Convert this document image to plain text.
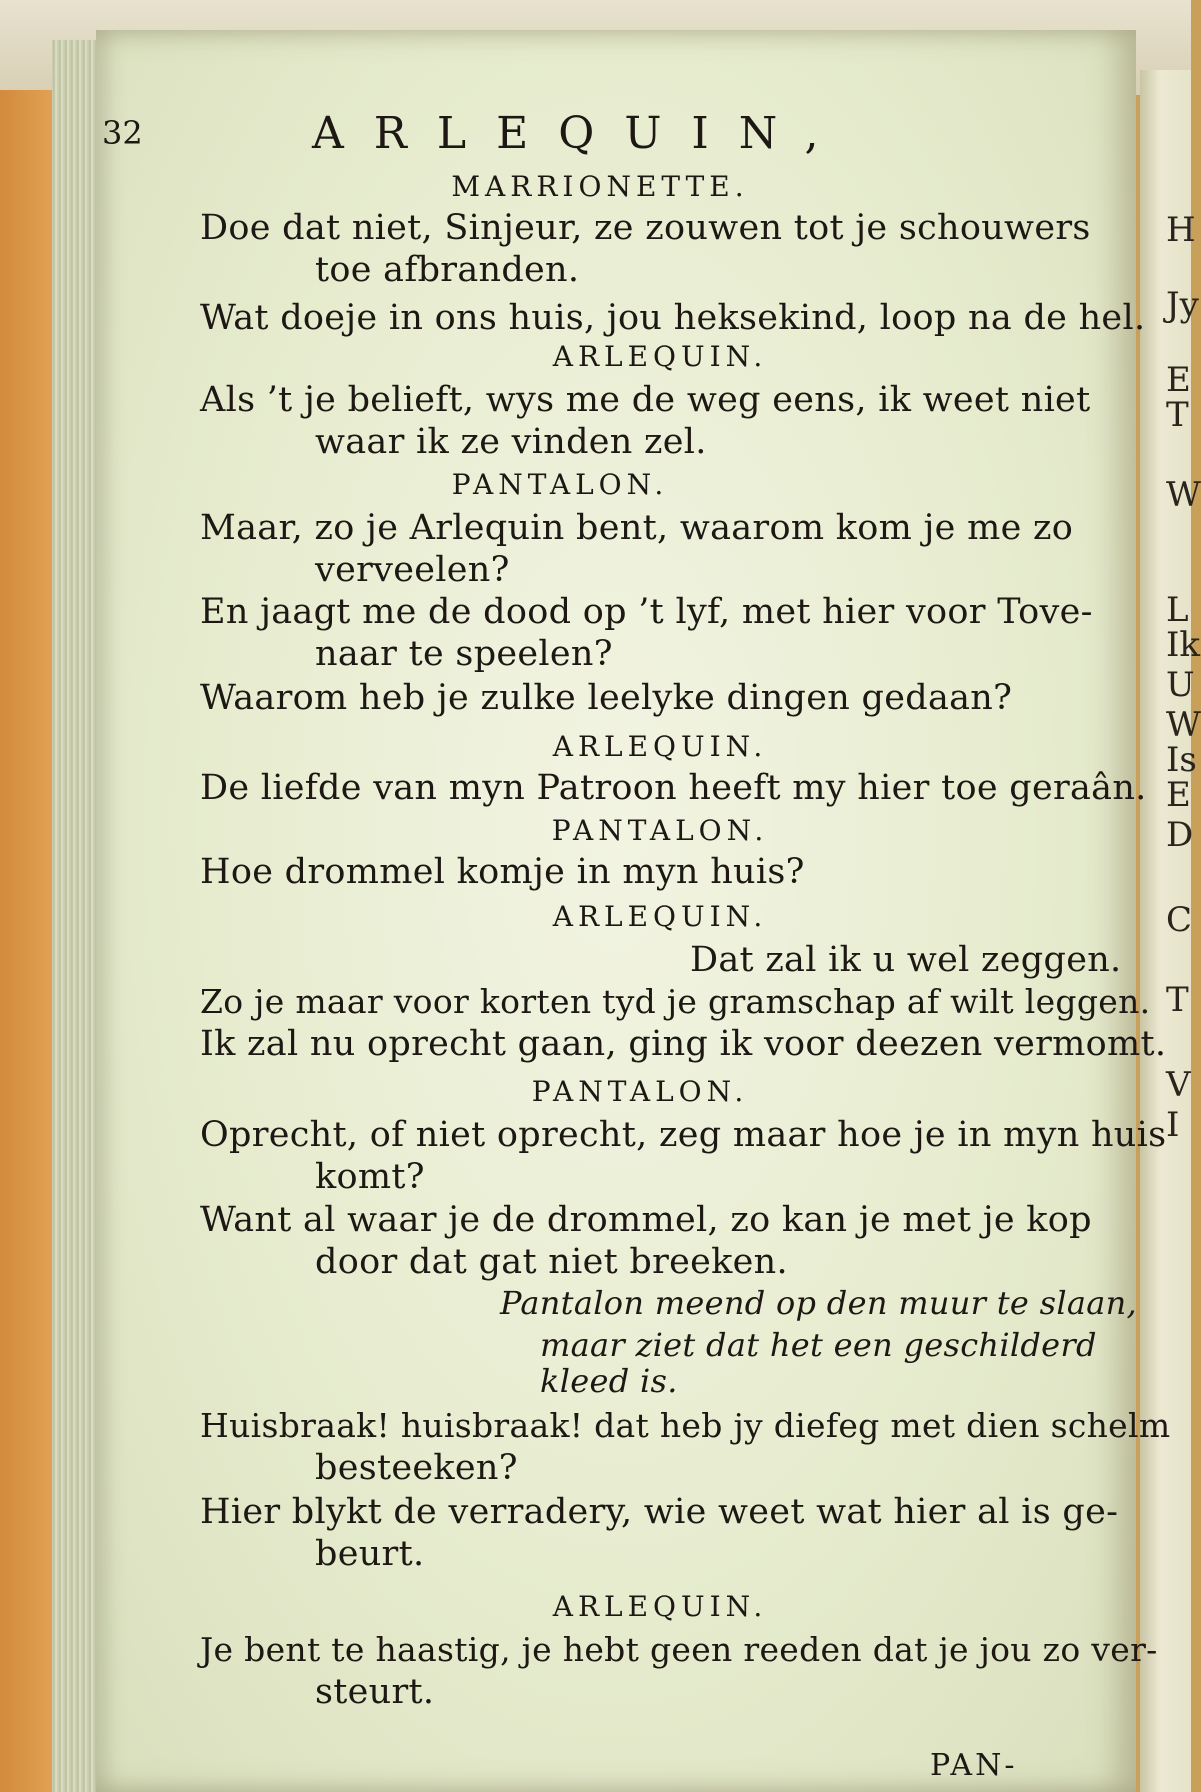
H
Jy
E
T
W
L
Ik
U
W
Is
E
D
C
T
V
I
32	ARLEQUIN,
MARRIONETTE.
Doe dat niet, Sinjeur, ze zouwen tot je schouwers
toe afbranden.
Wat doeje in ons huis, jou heksekind, loop na de hel.
ARLEQUIN.
Als ’t je belieft, wys me de weg eens, ik weet niet
waar ik ze vinden zel.
PANTALON.
Maar, zo je Arlequin bent, waarom kom je me zo
verveelen?
En jaagt me de dood op ’t lyf, met hier voor Tove-
naar te speelen?
Waarom heb je zulke leelyke dingen gedaan?
ARLEQUIN.
De liefde van myn Patroon heeft my hier toe geraân.
PANTALON.
Hoe drommel komje in myn huis?
ARLEQUIN.
Dat zal ik u wel zeggen.
Zo je maar voor korten tyd je gramschap af wilt leggen.
Ik zal nu oprecht gaan, ging ik voor deezen vermomt.
PANTALON.
Oprecht, of niet oprecht, zeg maar hoe je in myn huis
komt?
Want al waar je de drommel, zo kan je met je kop
door dat gat niet breeken.
Pantalon meend op den muur te slaan,
maar ziet dat het een geschilderd
kleed is.
Huisbraak! huisbraak! dat heb jy diefeg met dien schelm
besteeken?
Hier blykt de verradery, wie weet wat hier al is ge-
beurt.
ARLEQUIN.
Je bent te haastig, je hebt geen reeden dat je jou zo ver-
steurt.
PAN-
